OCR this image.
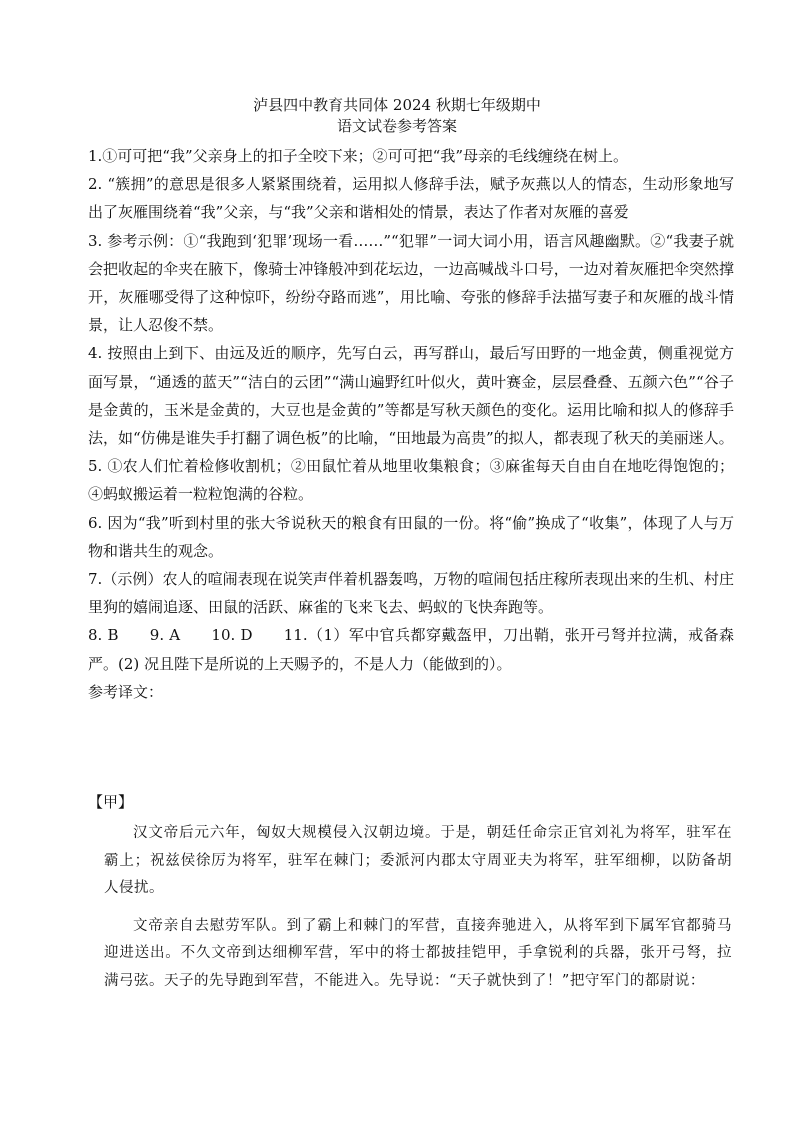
泸县四中教育共同体 2024 秋期七年级期中
语文试卷参考答案

1.①可可把“我”父亲身上的扣子全咬下来；②可可把“我”母亲的毛线缠绕在树上。

2. “簇拥”的意思是很多人紧紧围绕着，运用拟人修辞手法，赋予灰燕以人的情态，生动形象地写出了灰雁围绕着“我”父亲，与“我”父亲和谐相处的情景，表达了作者对灰雁的喜爱

3. 参考示例：①“我跑到‘犯罪’现场一看……”“犯罪”一词大词小用，语言风趣幽默。②“我妻子就会把收起的伞夹在腋下，像骑士冲锋般冲到花坛边，一边高喊战斗口号，一边对着灰雁把伞突然撑开，灰雁哪受得了这种惊吓，纷纷夺路而逃”，用比喻、夸张的修辞手法描写妻子和灰雁的战斗情景，让人忍俊不禁。

4. 按照由上到下、由远及近的顺序，先写白云，再写群山，最后写田野的一地金黄，侧重视觉方面写景，“通透的蓝天”“洁白的云团”“满山遍野红叶似火，黄叶赛金，层层叠叠、五颜六色”“谷子是金黄的，玉米是金黄的，大豆也是金黄的”等都是写秋天颜色的变化。运用比喻和拟人的修辞手法，如“仿佛是谁失手打翻了调色板”的比喻，“田地最为高贵”的拟人，都表现了秋天的美丽迷人。

5. ①农人们忙着检修收割机；②田鼠忙着从地里收集粮食；③麻雀每天自由自在地吃得饱饱的；④蚂蚁搬运着一粒粒饱满的谷粒。

6. 因为“我”听到村里的张大爷说秋天的粮食有田鼠的一份。将“偷”换成了“收集”，体现了人与万物和谐共生的观念。

7.（示例）农人的喧闹表现在说笑声伴着机器轰鸣，万物的喧闹包括庄稼所表现出来的生机、村庄里狗的嬉闹追逐、田鼠的活跃、麻雀的飞来飞去、蚂蚁的飞快奔跑等。

8. B　　9. A　　10. D　　11.（1）军中官兵都穿戴盔甲，刀出鞘，张开弓弩并拉满，戒备森严。(2) 况且陛下是所说的上天赐予的，不是人力（能做到的）。

参考译文：

【甲】

汉文帝后元六年，匈奴大规模侵入汉朝边境。于是，朝廷任命宗正官刘礼为将军，驻军在霸上；祝兹侯徐厉为将军，驻军在棘门；委派河内郡太守周亚夫为将军，驻军细柳，以防备胡人侵扰。

文帝亲自去慰劳军队。到了霸上和棘门的军营，直接奔驰进入，从将军到下属军官都骑马迎进送出。不久文帝到达细柳军营，军中的将士都披挂铠甲，手拿锐利的兵器，张开弓弩，拉满弓弦。天子的先导跑到军营，不能进入。先导说：“天子就快到了！”把守军门的都尉说：
